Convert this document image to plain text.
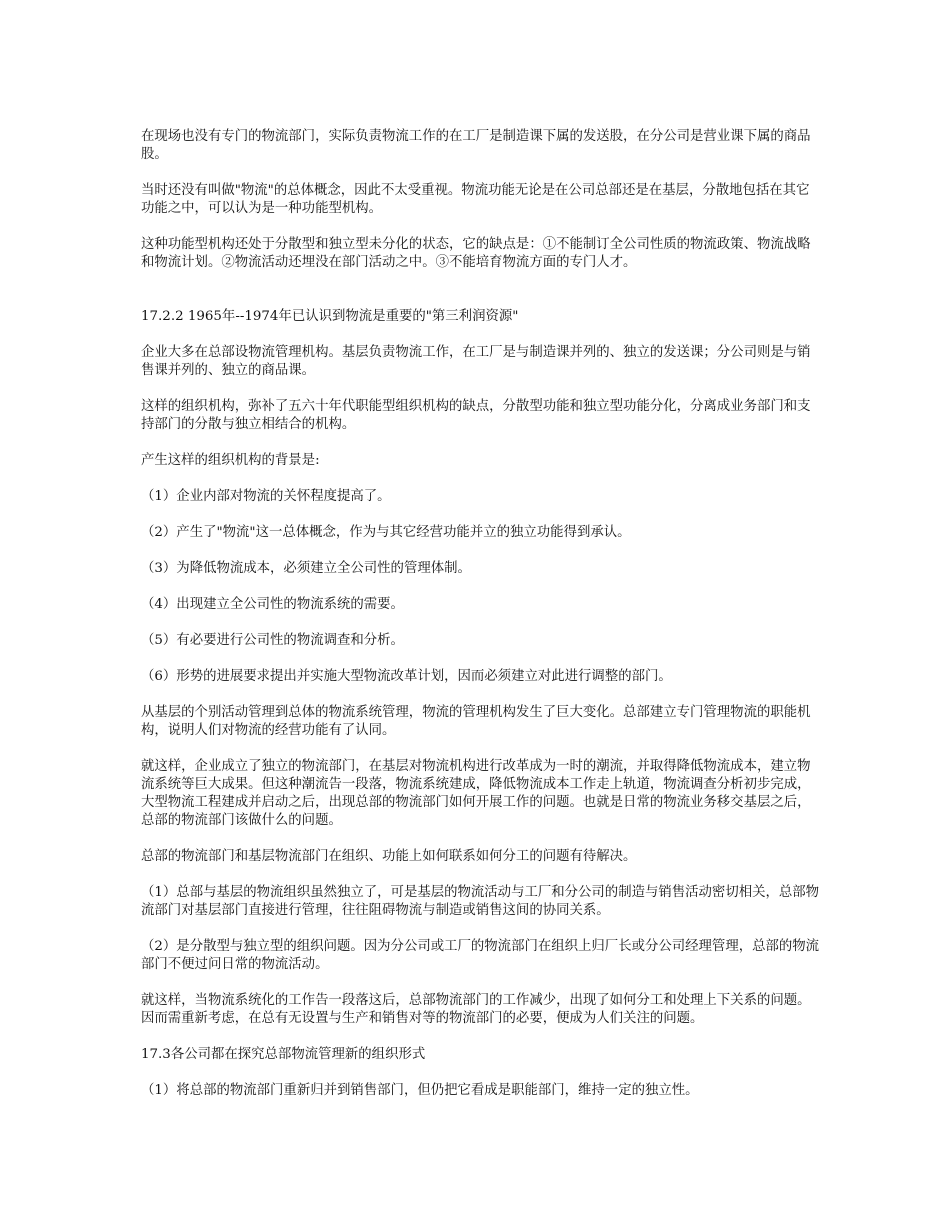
在现场也没有专门的物流部门，实际负责物流工作的在工厂是制造课下属的发送股，在分公司是营业课下属的商品股。

当时还没有叫做"物流"的总体概念，因此不太受重视。物流功能无论是在公司总部还是在基层，分散地包括在其它功能之中，可以认为是一种功能型机构。

这种功能型机构还处于分散型和独立型未分化的状态，它的缺点是：①不能制订全公司性质的物流政策、物流战略和物流计划。②物流活动还埋没在部门活动之中。③不能培育物流方面的专门人才。

17.2.2 1965年--1974年已认识到物流是重要的"第三利润资源"

企业大多在总部设物流管理机构。基层负责物流工作，在工厂是与制造课并列的、独立的发送课；分公司则是与销售课并列的、独立的商品课。

这样的组织机构，弥补了五六十年代职能型组织机构的缺点，分散型功能和独立型功能分化，分离成业务部门和支持部门的分散与独立相结合的机构。

产生这样的组织机构的背景是:

（1）企业内部对物流的关怀程度提高了。

（2）产生了"物流"这一总体概念，作为与其它经营功能并立的独立功能得到承认。

（3）为降低物流成本，必须建立全公司性的管理体制。

（4）出现建立全公司性的物流系统的需要。

（5）有必要进行公司性的物流调查和分析。

（6）形势的进展要求提出并实施大型物流改革计划，因而必须建立对此进行调整的部门。

从基层的个别活动管理到总体的物流系统管理，物流的管理机构发生了巨大变化。总部建立专门管理物流的职能机构，说明人们对物流的经营功能有了认同。

就这样，企业成立了独立的物流部门，在基层对物流机构进行改革成为一时的潮流，并取得降低物流成本，建立物流系统等巨大成果。但这种潮流告一段落，物流系统建成，降低物流成本工作走上轨道，物流调查分析初步完成，大型物流工程建成并启动之后，出现总部的物流部门如何开展工作的问题。也就是日常的物流业务移交基层之后，总部的物流部门该做什么的问题。

总部的物流部门和基层物流部门在组织、功能上如何联系如何分工的问题有待解决。

（1）总部与基层的物流组织虽然独立了，可是基层的物流活动与工厂和分公司的制造与销售活动密切相关，总部物流部门对基层部门直接进行管理，往往阻碍物流与制造或销售这间的协同关系。

（2）是分散型与独立型的组织问题。因为分公司或工厂的物流部门在组织上归厂长或分公司经理管理，总部的物流部门不便过问日常的物流活动。

就这样，当物流系统化的工作告一段落这后，总部物流部门的工作减少，出现了如何分工和处理上下关系的问题。因而需重新考虑，在总有无设置与生产和销售对等的物流部门的必要，便成为人们关注的问题。

17.3各公司都在探究总部物流管理新的组织形式

（1）将总部的物流部门重新归并到销售部门，但仍把它看成是职能部门，维持一定的独立性。
